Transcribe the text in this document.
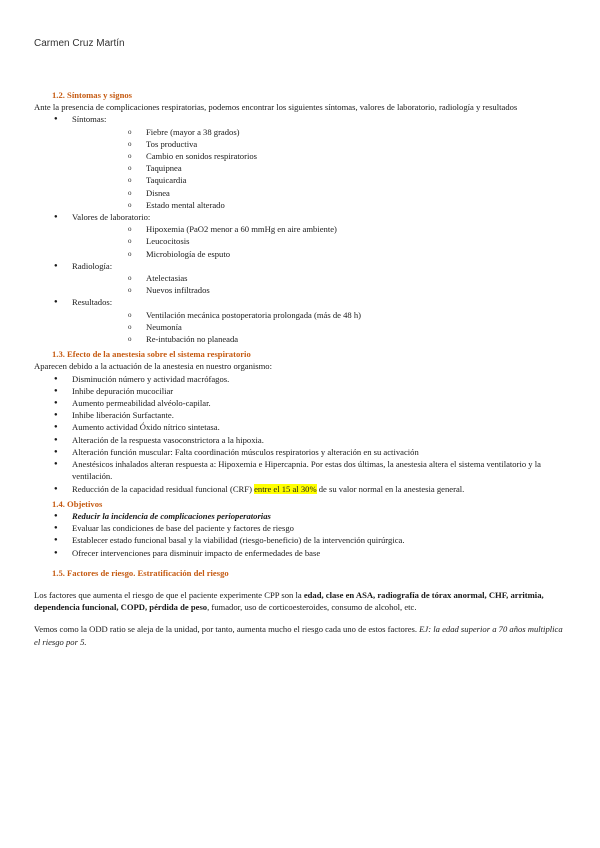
Carmen Cruz Martín
1.2. Síntomas y signos

Ante la presencia de complicaciones respiratorias, podemos encontrar los siguientes síntomas, valores de laboratorio, radiología y resultados

● Síntomas:
o Fiebre (mayor a 38 grados)
o Tos productiva
o Cambio en sonidos respiratorios
o Taquipnea
o Taquicardia
o Disnea
o Estado mental alterado
● Valores de laboratorio:
o Hipoxemia (PaO2 menor a 60 mmHg en aire ambiente)
o Leucocitosis
o Microbiología de esputo
● Radiología:
o Atelectasias
o Nuevos infiltrados
● Resultados:
o Ventilación mecánica postoperatoria prolongada (más de 48 h)
o Neumonía
o Re-intubación no planeada
1.3. Efecto de la anestesia sobre el sistema respiratorio

Aparecen debido a la actuación de la anestesia en nuestro organismo:

● Disminución número y actividad macrófagos.
● Inhibe depuración mucociliar
● Aumento permeabilidad alvéolo-capilar.
● Inhibe liberación Surfactante.
● Aumento actividad Óxido nítrico sintetasa.
● Alteración de la respuesta vasoconstrictora a la hipoxia.
● Alteración función muscular: Falta coordinación músculos respiratorios y alteración en su activación
● Anestésicos inhalados alteran respuesta a: Hipoxemia e Hipercapnia. Por estas dos últimas, la anestesia altera el sistema ventilatorio y la ventilación.
● Reducción de la capacidad residual funcional (CRF) entre el 15 al 30% de su valor normal en la anestesia general.
1.4. Objetivos
● Reducir la incidencia de complicaciones perioperatorias
● Evaluar las condiciones de base del paciente y factores de riesgo
● Establecer estado funcional basal y la viabilidad (riesgo-beneficio) de la intervención quirúrgica.
● Ofrecer intervenciones para disminuir impacto de enfermedades de base
1.5. Factores de riesgo. Estratificación del riesgo

Los factores que aumenta el riesgo de que el paciente experimente CPP son la edad, clase en ASA, radiografía de tórax anormal, CHF, arritmia, dependencia funcional, COPD, pérdida de peso, fumador, uso de corticoesteroides, consumo de alcohol, etc.

Vemos como la ODD ratio se aleja de la unidad, por tanto, aumenta mucho el riesgo cada uno de estos factores. EJ: la edad superior a 70 años multiplica el riesgo por 5.
